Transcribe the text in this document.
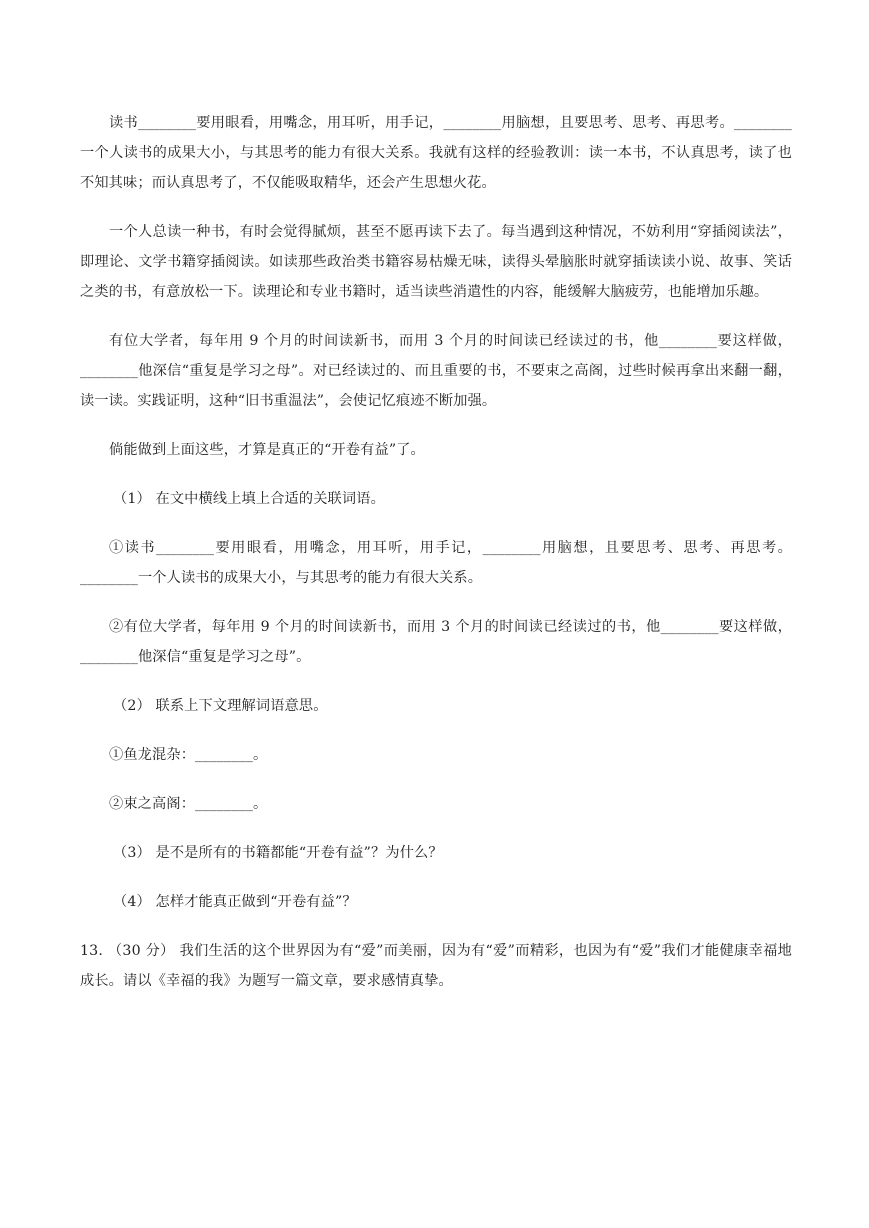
读书________要用眼看，用嘴念，用耳听，用手记，________用脑想，且要思考、思考、再思考。________一个人读书的成果大小，与其思考的能力有很大关系。我就有这样的经验教训：读一本书，不认真思考，读了也不知其味；而认真思考了，不仅能吸取精华，还会产生思想火花。

一个人总读一种书，有时会觉得腻烦，甚至不愿再读下去了。每当遇到这种情况，不妨利用“穿插阅读法”，即理论、文学书籍穿插阅读。如读那些政治类书籍容易枯燥无味，读得头晕脑胀时就穿插读读小说、故事、笑话之类的书，有意放松一下。读理论和专业书籍时，适当读些消遣性的内容，能缓解大脑疲劳，也能增加乐趣。

有位大学者，每年用 9 个月的时间读新书，而用 3 个月的时间读已经读过的书，他________要这样做，________他深信“重复是学习之母”。对已经读过的、而且重要的书，不要束之高阁，过些时候再拿出来翻一翻，读一读。实践证明，这种“旧书重温法”，会使记忆痕迹不断加强。

倘能做到上面这些，才算是真正的“开卷有益”了。

（1） 在文中横线上填上合适的关联词语。

①读书________要用眼看，用嘴念，用耳听，用手记，________用脑想，且要思考、思考、再思考。________一个人读书的成果大小，与其思考的能力有很大关系。

②有位大学者，每年用 9 个月的时间读新书，而用 3 个月的时间读已经读过的书，他________要这样做，________他深信“重复是学习之母”。

（2） 联系上下文理解词语意思。

①鱼龙混杂：________。

②束之高阁：________。

（3） 是不是所有的书籍都能“开卷有益”？为什么？

（4） 怎样才能真正做到“开卷有益”？

13. （30 分） 我们生活的这个世界因为有“爱”而美丽，因为有“爱”而精彩，也因为有“爱”我们才能健康幸福地成长。请以《幸福的我》为题写一篇文章，要求感情真挚。
